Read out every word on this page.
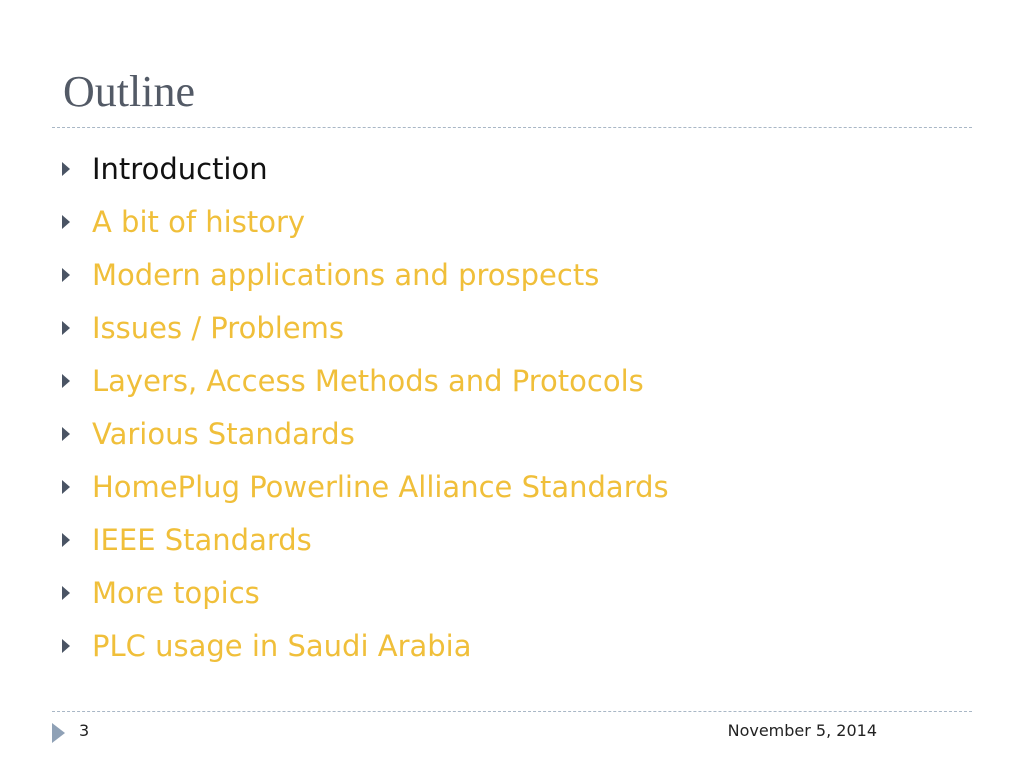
Outline
Introduction
A bit of history
Modern applications and prospects
Issues / Problems
Layers, Access Methods and Protocols
Various Standards
HomePlug Powerline Alliance Standards
IEEE Standards
More topics
PLC usage in Saudi Arabia
3	November 5, 2014
